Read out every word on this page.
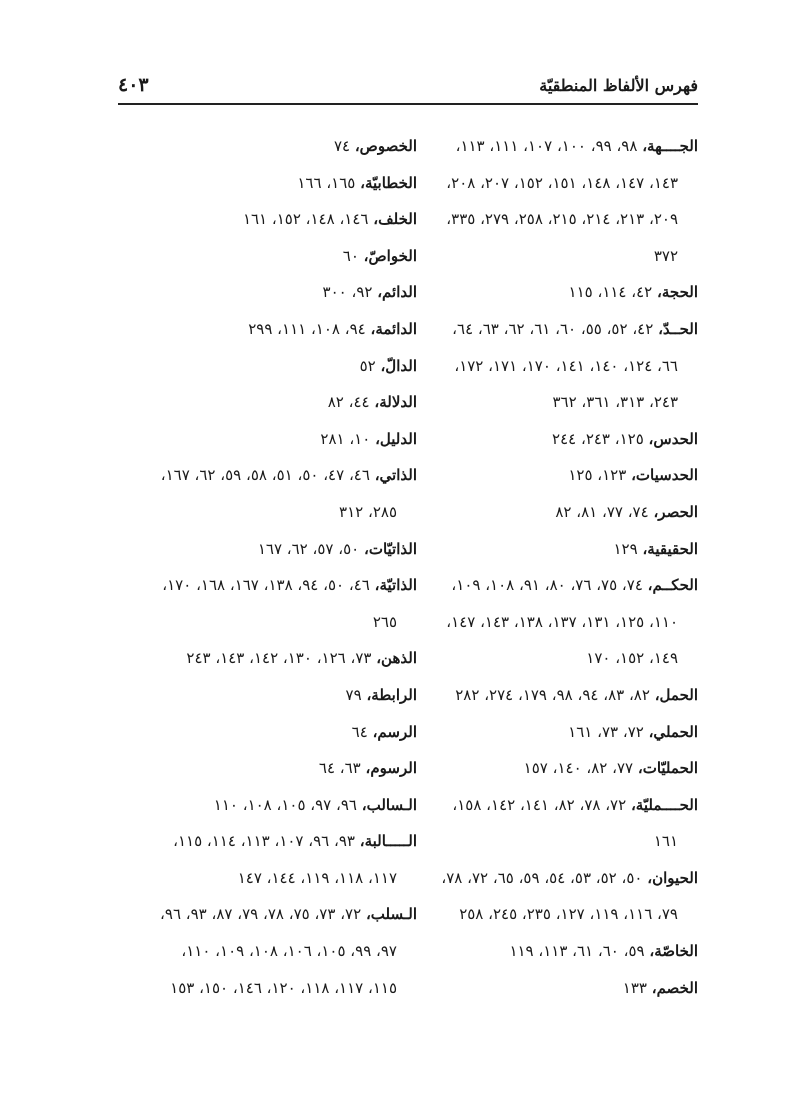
فهرس الألفاظ المنطقيّة
٤٠٣
الجــــهة، ٩٨، ٩٩، ١٠٠، ١٠٧، ١١١، ١١٣،
١٤٣، ١٤٧، ١٤٨، ١٥١، ١٥٢، ٢٠٧، ٢٠٨،
٢٠٩، ٢١٣، ٢١٤، ٢١٥، ٢٥٨، ٢٧٩، ٣٣٥،
٣٧٢
الحجة، ٤٢، ١١٤، ١١٥
الحــدّ، ٤٢، ٥٢، ٥٥، ٦٠، ٦١، ٦٢، ٦٣، ٦٤،
٦٦، ١٢٤، ١٤٠، ١٤١، ١٧٠، ١٧١، ١٧٢،
٢٤٣، ٣١٣، ٣٦١، ٣٦٢
الحدس، ١٢٥، ٢٤٣، ٢٤٤
الحدسيات، ١٢٣، ١٢٥
الحصر، ٧٤، ٧٧، ٨١، ٨٢
الحقيقية، ١٢٩
الحكــم، ٧٤، ٧٥، ٧٦، ٨٠، ٩١، ١٠٨، ١٠٩،
١١٠، ١٢٥، ١٣١، ١٣٧، ١٣٨، ١٤٣، ١٤٧،
١٤٩، ١٥٢، ١٧٠
الحمل، ٨٢، ٨٣، ٩٤، ٩٨، ١٧٩، ٢٧٤، ٢٨٢
الحملي، ٧٢، ٧٣، ١٦١
الحمليّات، ٧٧، ٨٢، ١٤٠، ١٥٧
الحــــمليّة، ٧٢، ٧٨، ٨٢، ١٤١، ١٤٢، ١٥٨،
١٦١
الحيوان، ٥٠، ٥٢، ٥٣، ٥٤، ٥٩، ٦٥، ٧٢، ٧٨،
٧٩، ١١٦، ١١٩، ١٢٧، ٢٣٥، ٢٤٥، ٢٥٨
الخاصّة، ٥٩، ٦٠، ٦١، ١١٣، ١١٩
الخصم، ١٣٣
الخصوص، ٧٤
الخطابيّة، ١٦٥، ١٦٦
الخلف، ١٤٦، ١٤٨، ١٥٢، ١٦١
الخواصّ، ٦٠
الدائم، ٩٢، ٣٠٠
الدائمة، ٩٤، ١٠٨، ١١١، ٢٩٩
الدالّ، ٥٢
الدلالة، ٤٤، ٨٢
الدليل، ١٠، ٢٨١
الذاتي، ٤٦، ٤٧، ٥٠، ٥١، ٥٨، ٥٩، ٦٢، ١٦٧،
٢٨٥، ٣١٢
الذاتيّات، ٥٠، ٥٧، ٦٢، ١٦٧
الذاتيّة، ٤٦، ٥٠، ٩٤، ١٣٨، ١٦٧، ١٦٨، ١٧٠،
٢٦٥
الذهن، ٧٣، ١٢٦، ١٣٠، ١٤٢، ١٤٣، ٢٤٣
الرابطة، ٧٩
الرسم، ٦٤
الرسوم، ٦٣، ٦٤
الـسالب، ٩٦، ٩٧، ١٠٥، ١٠٨، ١١٠
الـــــالبة، ٩٣، ٩٦، ١٠٧، ١١٣، ١١٤، ١١٥،
١١٧، ١١٨، ١١٩، ١٤٤، ١٤٧
الـسلب، ٧٢، ٧٣، ٧٥، ٧٨، ٧٩، ٨٧، ٩٣، ٩٦،
٩٧، ٩٩، ١٠٥، ١٠٦، ١٠٨، ١٠٩، ١١٠،
١١٥، ١١٧، ١١٨، ١٢٠، ١٤٦، ١٥٠، ١٥٣
